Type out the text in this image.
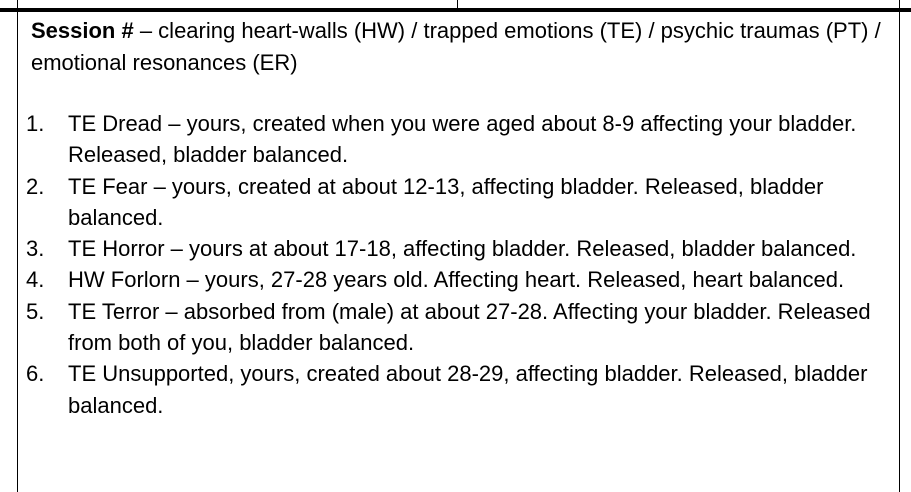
Session # – clearing heart-walls (HW) / trapped emotions (TE) / psychic traumas (PT) / emotional resonances (ER)
1. TE Dread – yours, created when you were aged about 8-9 affecting your bladder. Released, bladder balanced.
2. TE Fear – yours, created at about 12-13, affecting bladder. Released, bladder balanced.
3. TE Horror – yours at about 17-18, affecting bladder. Released, bladder balanced.
4. HW Forlorn – yours, 27-28 years old. Affecting heart. Released, heart balanced.
5. TE Terror – absorbed from (male) at about 27-28. Affecting your bladder. Released from both of you, bladder balanced.
6. TE Unsupported, yours, created about 28-29, affecting bladder. Released, bladder balanced.
